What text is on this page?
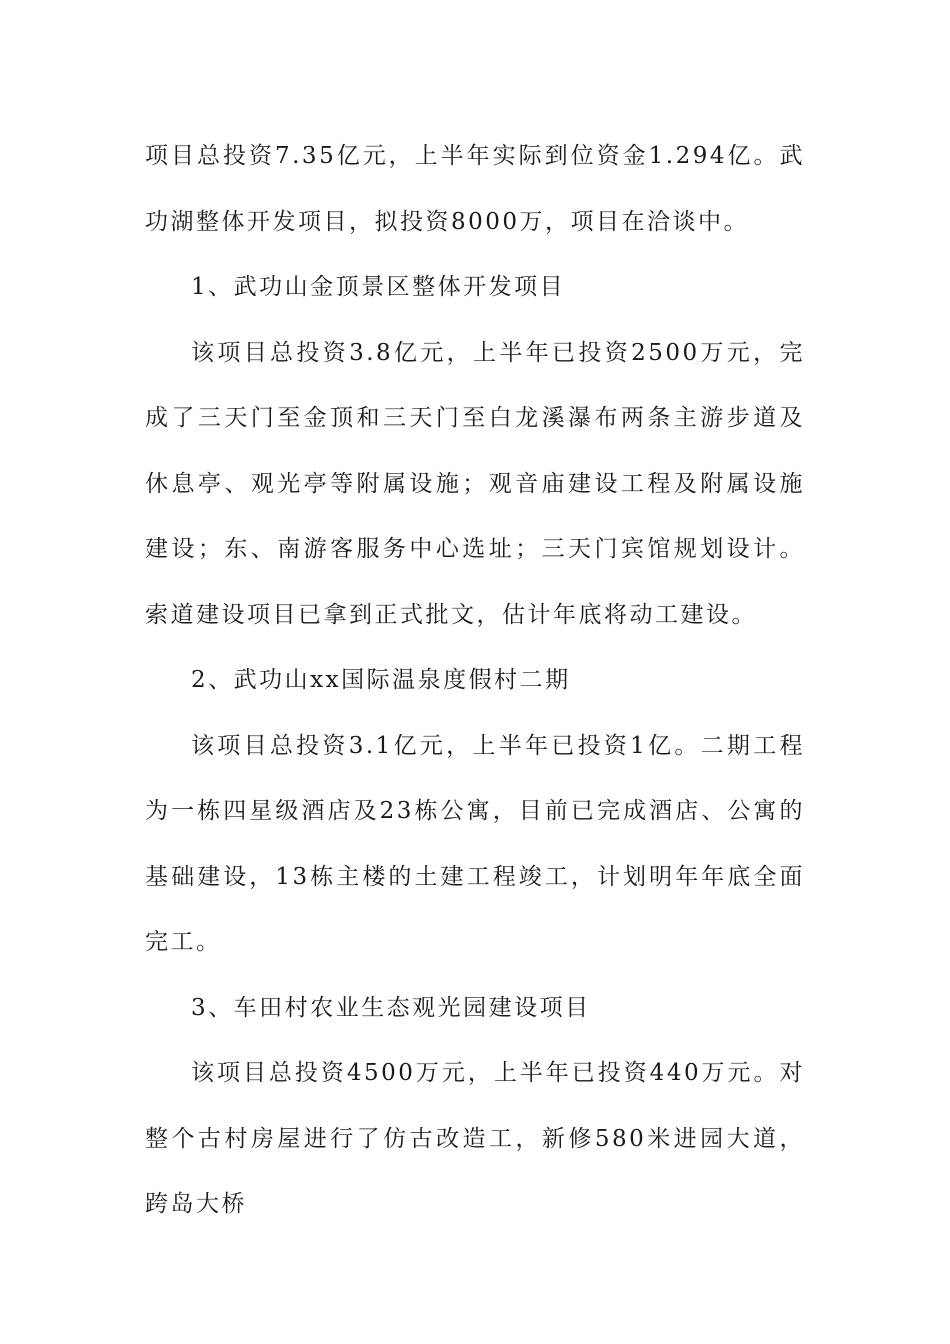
项目总投资7.35亿元，上半年实际到位资金1.294亿。武功湖整体开发项目，拟投资8000万，项目在洽谈中。

1、武功山金顶景区整体开发项目

该项目总投资3.8亿元，上半年已投资2500万元，完成了三天门至金顶和三天门至白龙溪瀑布两条主游步道及休息亭、观光亭等附属设施；观音庙建设工程及附属设施建设；东、南游客服务中心选址；三天门宾馆规划设计。索道建设项目已拿到正式批文，估计年底将动工建设。

2、武功山xx国际温泉度假村二期

该项目总投资3.1亿元，上半年已投资1亿。二期工程为一栋四星级酒店及23栋公寓，目前已完成酒店、公寓的基础建设，13栋主楼的土建工程竣工，计划明年年底全面完工。

3、车田村农业生态观光园建设项目

该项目总投资4500万元，上半年已投资440万元。对整个古村房屋进行了仿古改造工，新修580米进园大道，跨岛大桥
